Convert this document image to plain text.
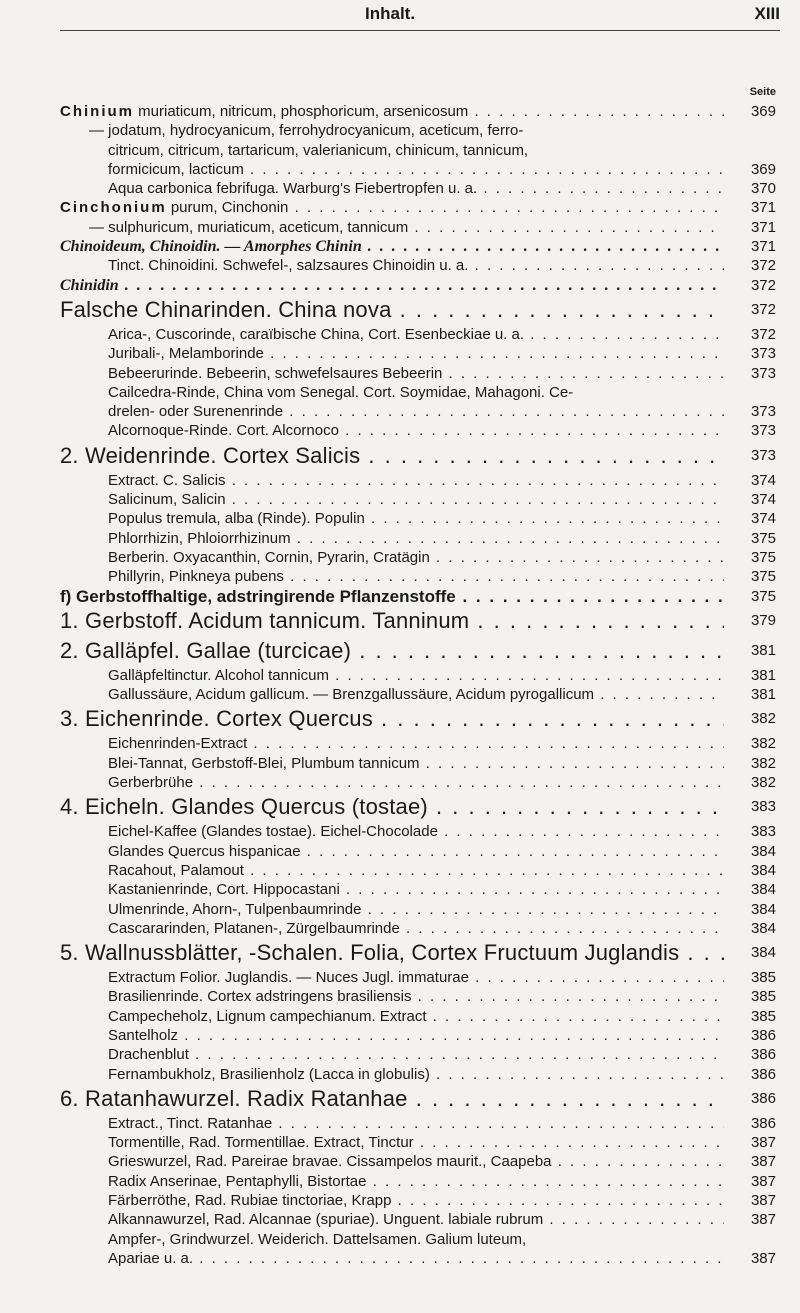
Inhalt.	XIII
Seite
Chinium muriaticum, nitricum, phosphoricum, arsenicosum . . .	369
— jodatum, hydrocyanicum, ferrohydrocyanicum, aceticum, ferro-
citricum, citricum, tartaricum, valerianicum, chinicum, tannicum,
formicicum, lacticum . . .	369
Aqua carbonica febrifuga. Warburg's Fiebertropfen u. a. . . .	370
Cinchonium purum, Cinchonin . . .	371
— sulphuricum, muriaticum, aceticum, tannicum . . .	371
Chinoideum, Chinoidin. — Amorphes Chinin . . .	371
Tinct. Chinoidini. Schwefel-, salzsaures Chinoidin u. a. . . .	372
Chinidin . . .	372
Falsche Chinarinden. China nova . . .	372
Arica-, Cuscorinde, caraïbische China, Cort. Esenbeckiae u. a. . . .	372
Juribali-, Melamborinde . . .	373
Bebeerurinde. Bebeerin, schwefelsaures Bebeerin . . .	373
Cailcedra-Rinde, China vom Senegal. Cort. Soymidae, Mahagoni. Ce-
drelen- oder Surenenrinde . . .	373
Alcornoque-Rinde. Cort. Alcornoco . . .	373
2. Weidenrinde. Cortex Salicis . . .	373
Extract. C. Salicis . . .	374
Salicinum, Salicin . . .	374
Populus tremula, alba (Rinde). Populin . . .	374
Phlorrhizin, Phloiorrhizinum . . .	375
Berberin. Oxyacanthin, Cornin, Pyrarin, Cratägin . . .	375
Phillyrin, Pinkneya pubens . . .	375
f) Gerbstoffhaltige, adstringirende Pflanzenstoffe . . .	375
1. Gerbstoff. Acidum tannicum. Tanninum . . .	379
2. Galläpfel. Gallae (turcicae) . . .	381
Galläpfeltinctur. Alcohol tannicum . . .	381
Gallussäure, Acidum gallicum. — Brenzgallussäure, Acidum pyrogallicum . . .	381
3. Eichenrinde. Cortex Quercus . . .	382
Eichenrinden-Extract . . .	382
Blei-Tannat, Gerbstoff-Blei, Plumbum tannicum . . .	382
Gerberbrühe . . .	382
4. Eicheln. Glandes Quercus (tostae) . . .	383
Eichel-Kaffee (Glandes tostae). Eichel-Chocolade . . .	383
Glandes Quercus hispanicae . . .	384
Racahout, Palamout . . .	384
Kastanienrinde, Cort. Hippocastani . . .	384
Ulmenrinde, Ahorn-, Tulpenbaumrinde . . .	384
Cascararinden, Platanen-, Zürgelbaumrinde . . .	384
5. Wallnussblätter, -Schalen. Folia, Cortex Fructuum Juglandis . . .	384
Extractum Folior. Juglandis. — Nuces Jugl. immaturae . . .	385
Brasilienrinde. Cortex adstringens brasiliensis . . .	385
Campecheholz, Lignum campechianum. Extract . . .	385
Santelholz . . .	386
Drachenblut . . .	386
Fernambukholz, Brasilienholz (Lacca in globulis) . . .	386
6. Ratanhawurzel. Radix Ratanhae . . .	386
Extract., Tinct. Ratanhae . . .	386
Tormentille, Rad. Tormentillae. Extract, Tinctur . . .	387
Grieswurzel, Rad. Pareirae bravae. Cissampelos maurit., Caapeba . . .	387
Radix Anserinae, Pentaphylli, Bistortae . . .	387
Färberröthe, Rad. Rubiae tinctoriae, Krapp . . .	387
Alkannawurzel, Rad. Alcannae (spuriae). Unguent. labiale rubrum . . .	387
Ampfer-, Grindwurzel. Weiderich. Dattelsamen. Galium luteum,
Apariae u. a. . . .	387
